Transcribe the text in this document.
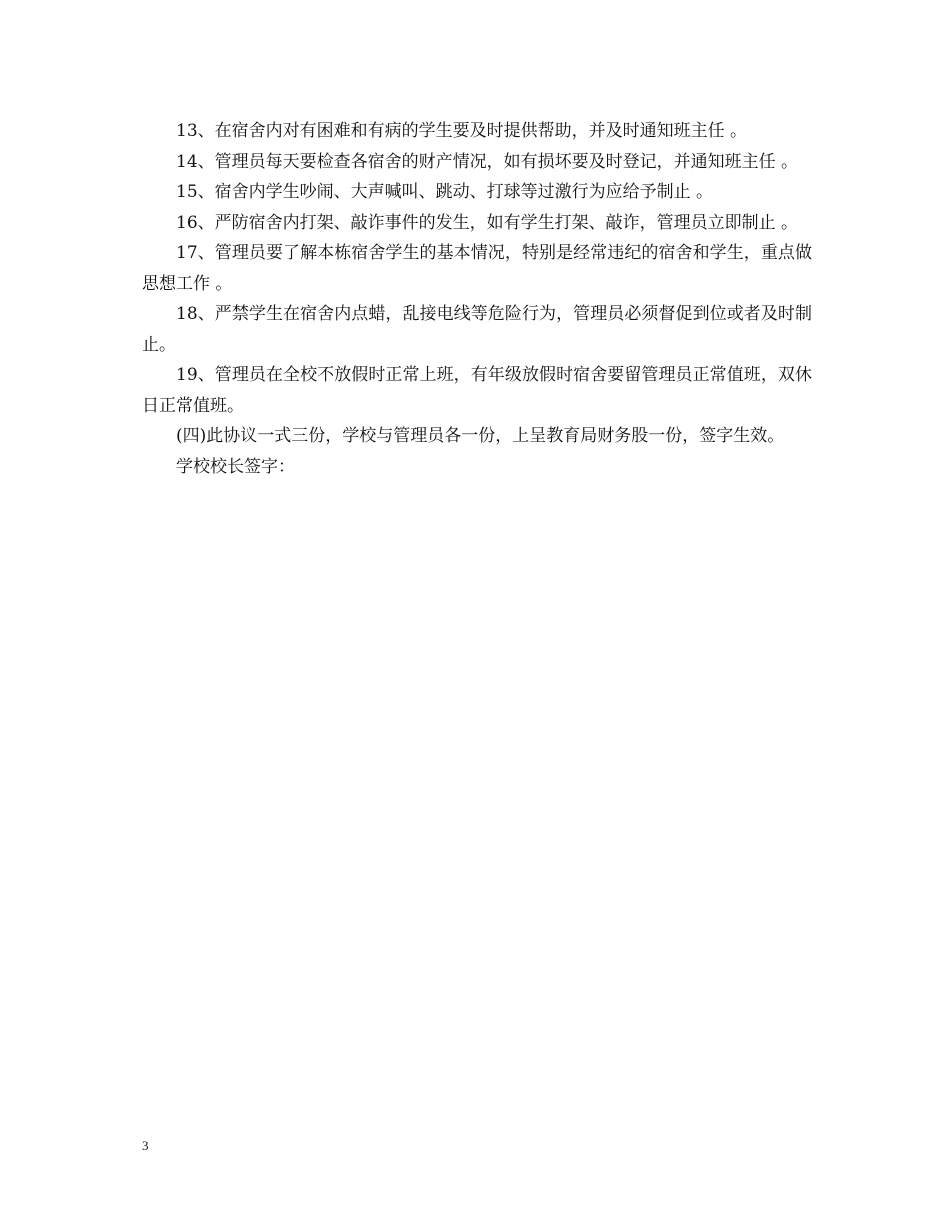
13、在宿舍内对有困难和有病的学生要及时提供帮助，并及时通知班主任 。

14、管理员每天要检查各宿舍的财产情况，如有损坏要及时登记，并通知班主任 。

15、宿舍内学生吵闹、大声喊叫、跳动、打球等过激行为应给予制止 。

16、严防宿舍内打架、敲诈事件的发生，如有学生打架、敲诈，管理员立即制止 。

17、管理员要了解本栋宿舍学生的基本情况，特别是经常违纪的宿舍和学生，重点做思想工作 。

18、严禁学生在宿舍内点蜡，乱接电线等危险行为，管理员必须督促到位或者及时制止。

19、管理员在全校不放假时正常上班，有年级放假时宿舍要留管理员正常值班，双休日正常值班。

(四)此协议一式三份，学校与管理员各一份，上呈教育局财务股一份，签字生效。

学校校长签字：

3
